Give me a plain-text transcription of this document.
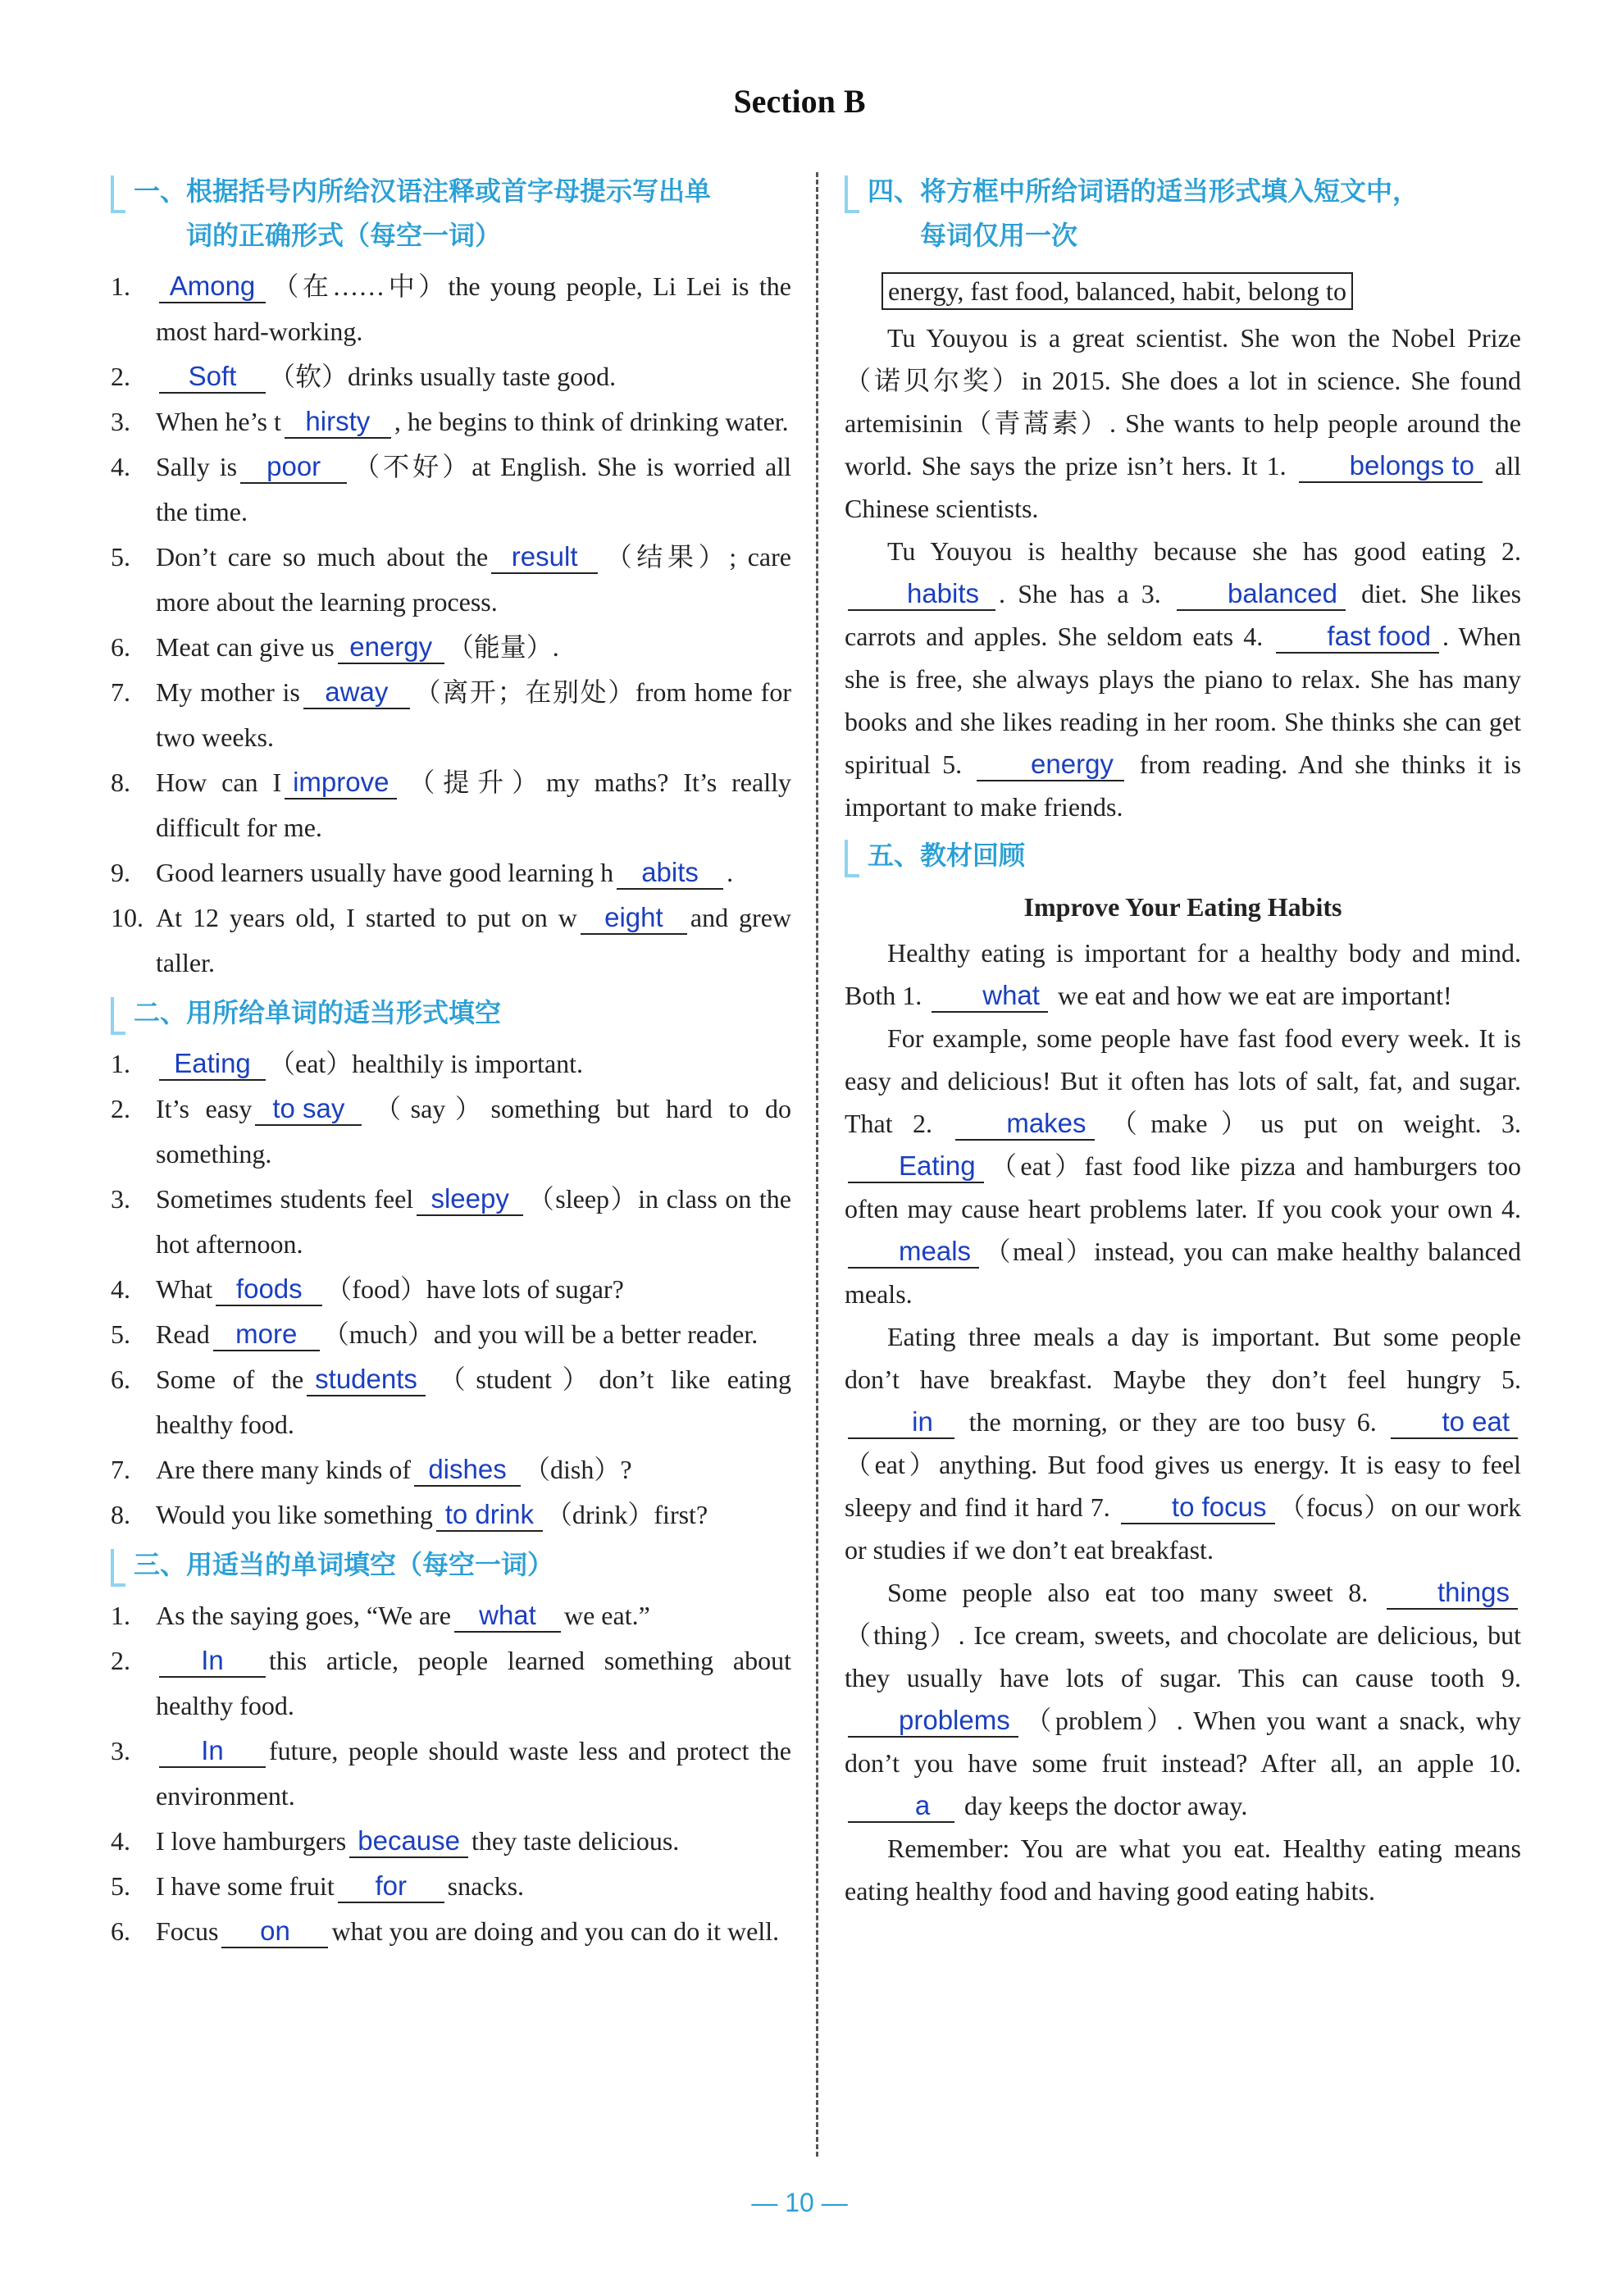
Section B
一、根据括号内所给汉语注释或首字母提示写出单
词的正确形式（每空一词）
1.	Among （在……中）the young people, Li Lei is the most hard-working.
2.	Soft （软）drinks usually taste good.
3. When he’s t hirsty , he begins to think of drinking water.
4. Sally is poor （不好）at English. She is worried all the time.
5. Don’t care so much about the result （结果）; care more about the learning process.
6. Meat can give us energy （能量）.
7. My mother is away （离开；在别处）from home for two weeks.
8. How can I improve （提升）my maths? It’s really difficult for me.
9. Good learners usually have good learning h abits .
10. At 12 years old, I started to put on w eight and grew taller.
二、用所给单词的适当形式填空
1.	Eating （eat）healthily is important.
2. It’s easy to say （say）something but hard to do something.
3. Sometimes students feel sleepy （sleep）in class on the hot afternoon.
4. What foods （food）have lots of sugar?
5. Read more （much）and you will be a better reader.
6. Some of the students （student）don’t like eating healthy food.
7. Are there many kinds of dishes （dish）?
8. Would you like something to drink （drink）first?
三、用适当的单词填空（每空一词）
1. As the saying goes, “We are what we eat.”
2.	In this article, people learned something about healthy food.
3.	In future, people should waste less and protect the environment.
4. I love hamburgers because they taste delicious.
5. I have some fruit for snacks.
6. Focus on what you are doing and you can do it well.
四、将方框中所给词语的适当形式填入短文中，
每词仅用一次
energy, fast food, balanced, habit, belong to

Tu Youyou is a great scientist. She won the Nobel Prize（诺贝尔奖）in 2015. She does a lot in science. She found artemisinin（青蒿素）. She wants to help people around the world. She says the prize isn’t hers. It 1. belongs to all Chinese scientists.

Tu Youyou is healthy because she has good eating 2. habits . She has a 3. balanced diet. She likes carrots and apples. She seldom eats 4. fast food . When she is free, she always plays the piano to relax. She has many books and she likes reading in her room. She thinks she can get spiritual 5.	energy from reading. And she thinks it is important to make friends.

五、教材回顾
Improve Your Eating Habits

Healthy eating is important for a healthy body and mind. Both 1. what we eat and how we eat are important!

For example, some people have fast food every week. It is easy and delicious! But it often has lots of salt, fat, and sugar. That 2.	makes （make）us put on weight. 3. Eating （eat）fast food like pizza and hamburgers too often may cause heart problems later. If you cook your own 4. meals （meal）instead, you can make healthy balanced meals.

Eating three meals a day is important. But some people don’t have breakfast. Maybe they don’t feel hungry 5. in the morning, or they are too busy 6. to eat（eat）anything. But food gives us energy. It is easy to feel sleepy and find it hard 7. to focus （focus）on our work or studies if we don’t eat breakfast.

Some people also eat too many sweet 8.	things（thing）. Ice cream, sweets, and chocolate are delicious, but they usually have lots of sugar. This can cause tooth 9. problems （problem）. When you want a snack, why don’t you have some fruit instead? After all, an apple 10. a day keeps the doctor away.

Remember: You are what you eat. Healthy eating means eating healthy food and having good eating habits.

— 10 —
